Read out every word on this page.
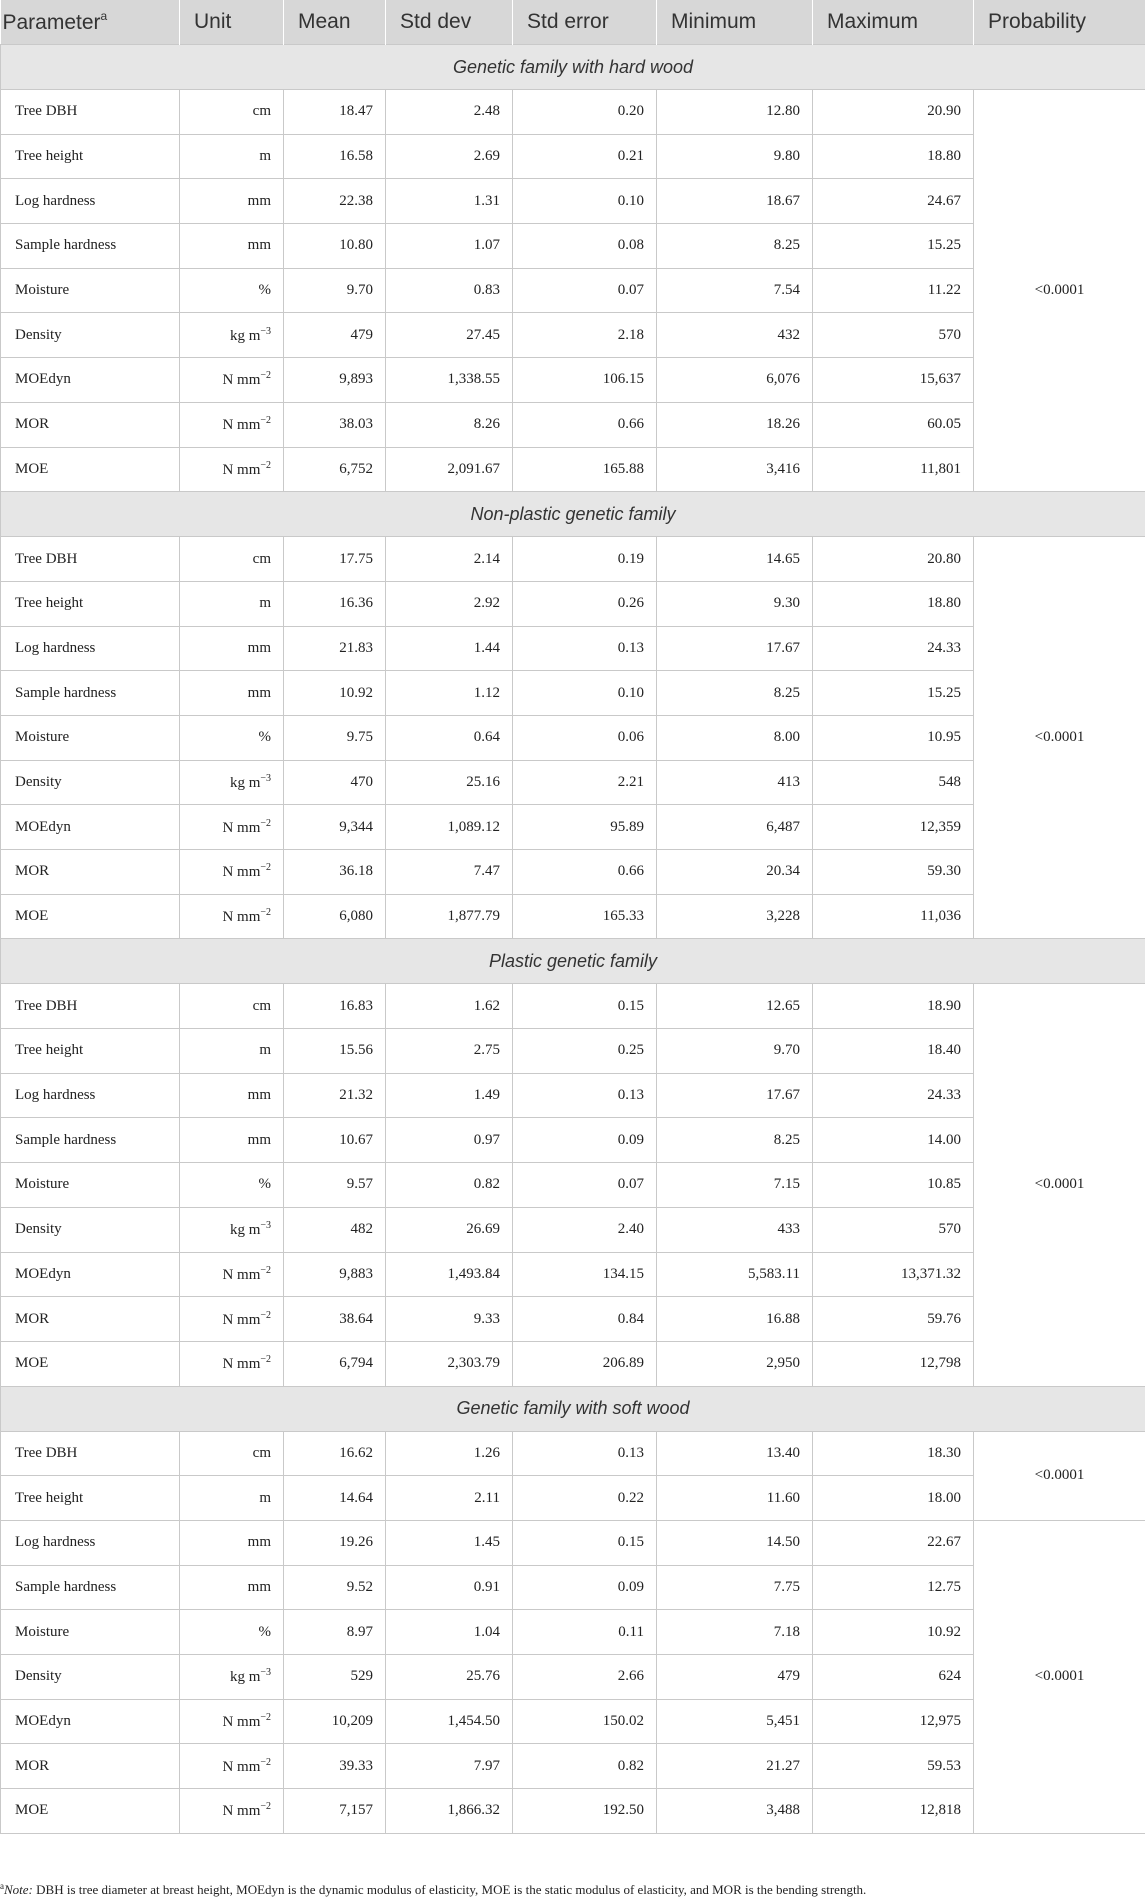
Parameter$^a$	Unit	Mean	Std dev	Std error	Minimum	Maximum	Probability
Genetic family with hard wood							
Tree DBH	cm	18.47	2.48	0.20	12.80	20.90	<0.0001
Tree height	m	16.58	2.69	0.21	9.80	18.80	
Log hardness	mm	22.38	1.31	0.10	18.67	24.67	
Sample hardness	mm	10.80	1.07	0.08	8.25	15.25	
Moisture	%	9.70	0.83	0.07	7.54	11.22	
Density	kg $m^{-3}$	479	27.45	2.18	432	570	
MOEdyn	N $mm^{-2}$	9,893	1,338.55	106.15	6,076	15,637	
MOR	N $mm^{-2}$	38.03	8.26	0.66	18.26	60.05	
MOE	N $mm^{-2}$	6,752	2,091.67	165.88	3,416	11,801	
Non-plastic genetic family							
Tree DBH	cm	17.75	2.14	0.19	14.65	20.80	<0.0001
Tree height	m	16.36	2.92	0.26	9.30	18.80	
Log hardness	mm	21.83	1.44	0.13	17.67	24.33	
Sample hardness	mm	10.92	1.12	0.10	8.25	15.25	
Moisture	%	9.75	0.64	0.06	8.00	10.95	
Density	kg $m^{-3}$	470	25.16	2.21	413	548	
MOEdyn	N $mm^{-2}$	9,344	1,089.12	95.89	6,487	12,359	
MOR	N $mm^{-2}$	36.18	7.47	0.66	20.34	59.30	
MOE	N $mm^{-2}$	6,080	1,877.79	165.33	3,228	11,036	
Plastic genetic family							
Tree DBH	cm	16.83	1.62	0.15	12.65	18.90	<0.0001
Tree height	m	15.56	2.75	0.25	9.70	18.40	
Log hardness	mm	21.32	1.49	0.13	17.67	24.33	
Sample hardness	mm	10.67	0.97	0.09	8.25	14.00	
Moisture	%	9.57	0.82	0.07	7.15	10.85	
Density	kg $m^{-3}$	482	26.69	2.40	433	570	
MOEdyn	N $mm^{-2}$	9,883	1,493.84	134.15	5,583.11	13,371.32	
MOR	N $mm^{-2}$	38.64	9.33	0.84	16.88	59.76	
MOE	N $mm^{-2}$	6,794	2,303.79	206.89	2,950	12,798	
Genetic family with soft wood							
Tree DBH	cm	16.62	1.26	0.13	13.40	18.30	<0.0001
Tree height	m	14.64	2.11	0.22	11.60	18.00	
Log hardness	mm	19.26	1.45	0.15	14.50	22.67	<0.0001
Sample hardness	mm	9.52	0.91	0.09	7.75	12.75	
Moisture	%	8.97	1.04	0.11	7.18	10.92	
Density	kg $m^{-3}$	529	25.76	2.66	479	624	
MOEdyn	N $mm^{-2}$	10,209	1,454.50	150.02	5,451	12,975	
MOR	N $mm^{-2}$	39.33	7.97	0.82	21.27	59.53	
MOE	N $mm^{-2}$	7,157	1,866.32	192.50	3,488	12,818	
$^a$Note: DBH is tree diameter at breast height, MOEdyn is the dynamic modulus of elasticity, MOE is the static modulus of elasticity, and MOR is the bending strength.
